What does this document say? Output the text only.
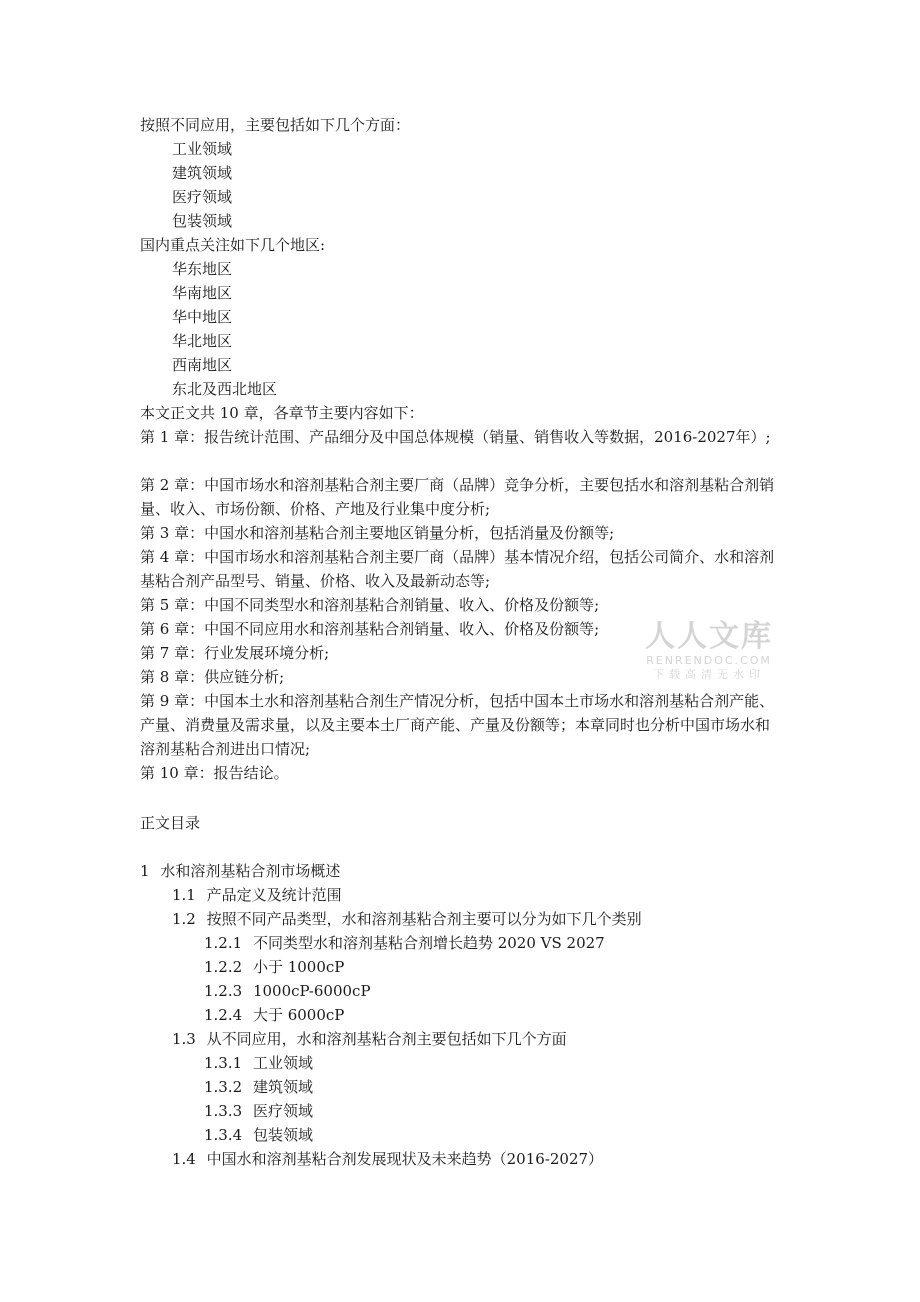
按照不同应用，主要包括如下几个方面：
工业领域
建筑领域
医疗领域
包装领域
国内重点关注如下几个地区:
华东地区
华南地区
华中地区
华北地区
西南地区
东北及西北地区
本文正文共 10 章，各章节主要内容如下：
第 1 章：报告统计范围、产品细分及中国总体规模（销量、销售收入等数据，2016-2027年）;
第 2 章：中国市场水和溶剂基粘合剂主要厂商（品牌）竞争分析，主要包括水和溶剂基粘合剂销量、收入、市场份额、价格、产地及行业集中度分析;
第 3 章：中国水和溶剂基粘合剂主要地区销量分析，包括消量及份额等;
第 4 章：中国市场水和溶剂基粘合剂主要厂商（品牌）基本情况介绍，包括公司简介、水和溶剂基粘合剂产品型号、销量、价格、收入及最新动态等;
第 5 章：中国不同类型水和溶剂基粘合剂销量、收入、价格及份额等;
第 6 章：中国不同应用水和溶剂基粘合剂销量、收入、价格及份额等;
第 7 章：行业发展环境分析;
第 8 章：供应链分析;
第 9 章：中国本土水和溶剂基粘合剂生产情况分析，包括中国本土市场水和溶剂基粘合剂产能、产量、消费量及需求量，以及主要本土厂商产能、产量及份额等；本章同时也分析中国市场水和溶剂基粘合剂进出口情况;
第 10 章：报告结论。
正文目录
1 水和溶剂基粘合剂市场概述
1.1 产品定义及统计范围
1.2 按照不同产品类型，水和溶剂基粘合剂主要可以分为如下几个类别
1.2.1 不同类型水和溶剂基粘合剂增长趋势 2020 VS 2027
1.2.2 小于 1000cP
1.2.3 1000cP-6000cP
1.2.4 大于 6000cP
1.3 从不同应用，水和溶剂基粘合剂主要包括如下几个方面
1.3.1 工业领域
1.3.2 建筑领域
1.3.3 医疗领域
1.3.4 包装领域
1.4 中国水和溶剂基粘合剂发展现状及未来趋势（2016-2027）
人人文库
RENRENDOC.COM
下载高清无水印
